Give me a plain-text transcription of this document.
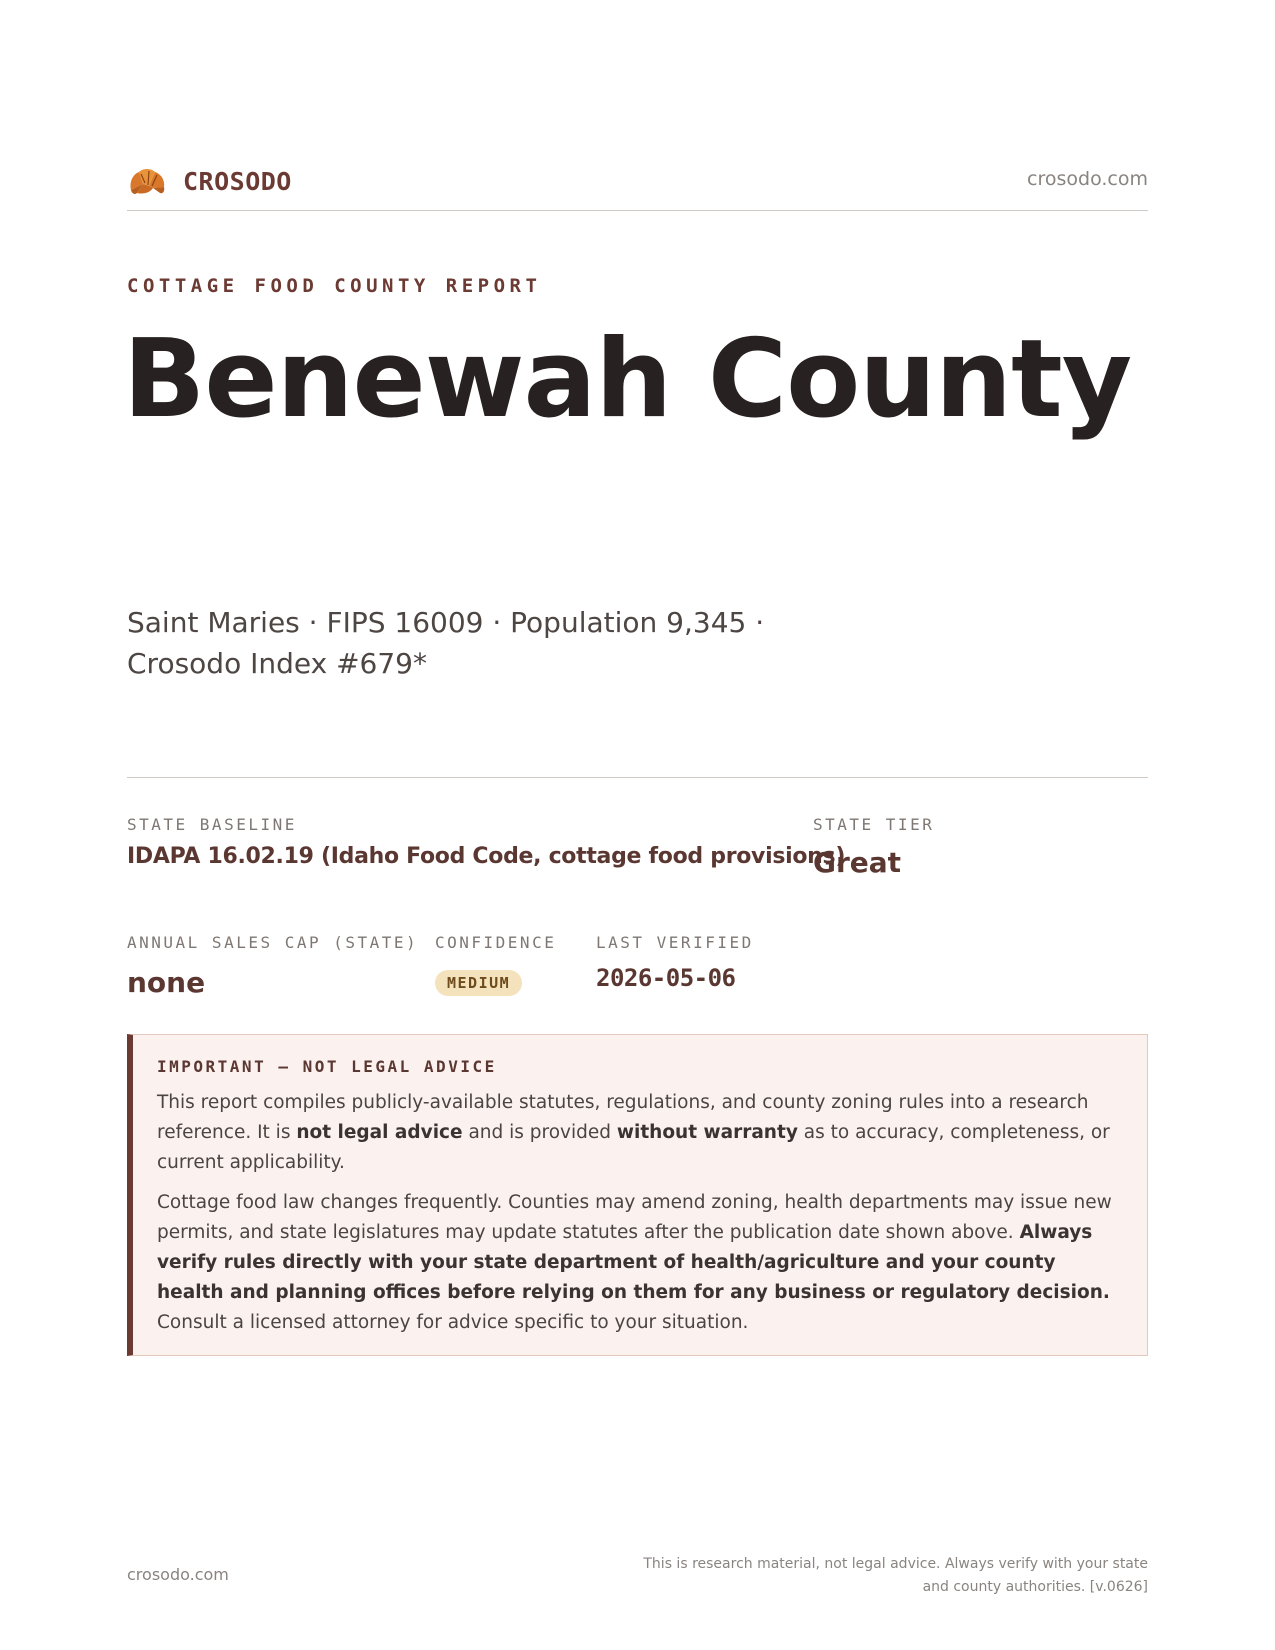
CROSODO	crosodo.com
COTTAGE FOOD COUNTY REPORT
Benewah County
Saint Maries · FIPS 16009 · Population 9,345 · Crosodo Index #679*
STATE BASELINE
IDAPA 16.02.19 (Idaho Food Code, cottage food provisions)
STATE TIER
Great
ANNUAL SALES CAP (STATE)
none
CONFIDENCE
MEDIUM
LAST VERIFIED
2026-05-06
IMPORTANT — NOT LEGAL ADVICE

This report compiles publicly-available statutes, regulations, and county zoning rules into a research reference. It is not legal advice and is provided without warranty as to accuracy, completeness, or current applicability.

Cottage food law changes frequently. Counties may amend zoning, health departments may issue new permits, and state legislatures may update statutes after the publication date shown above. Always verify rules directly with your state department of health/agriculture and your county health and planning offices before relying on them for any business or regulatory decision. Consult a licensed attorney for advice specific to your situation.

crosodo.com
This is research material, not legal advice. Always verify with your state and county authorities. [v.0626]
